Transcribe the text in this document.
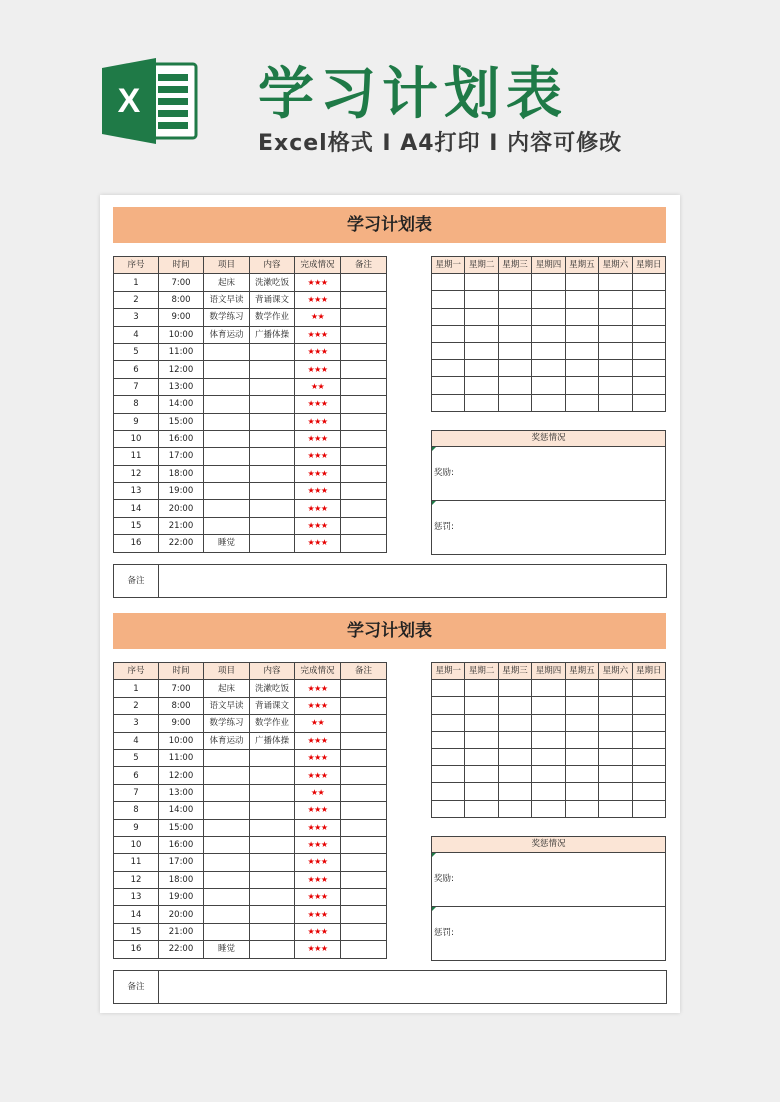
X 学习计划表
Excel格式 I A4打印 I 内容可修改
学习计划表
序号	时间	项目	内容	完成情况	备注
1	7:00	起床	洗漱吃饭	★★★	
2	8:00	语文早读	背诵课文	★★★	
3	9:00	数学练习	数学作业	★★	
4	10:00	体育运动	广播体操	★★★	
5	11:00			★★★	
6	12:00			★★★	
7	13:00			★★	
8	14:00			★★★	
9	15:00			★★★	
10	16:00			★★★	
11	17:00			★★★	
12	18:00			★★★	
13	19:00			★★★	
14	20:00			★★★	
15	21:00			★★★	
16	22:00	睡觉		★★★	
星期一	星期二	星期三	星期四	星期五	星期六	星期日

奖惩情况
奖励:
惩罚:
备注	
学习计划表
序号	时间	项目	内容	完成情况	备注
1	7:00	起床	洗漱吃饭	★★★	
2	8:00	语文早读	背诵课文	★★★	
3	9:00	数学练习	数学作业	★★	
4	10:00	体育运动	广播体操	★★★	
5	11:00			★★★	
6	12:00			★★★	
7	13:00			★★	
8	14:00			★★★	
9	15:00			★★★	
10	16:00			★★★	
11	17:00			★★★	
12	18:00			★★★	
13	19:00			★★★	
14	20:00			★★★	
15	21:00			★★★	
16	22:00	睡觉		★★★	
星期一	星期二	星期三	星期四	星期五	星期六	星期日

奖惩情况
奖励:
惩罚:
备注	
